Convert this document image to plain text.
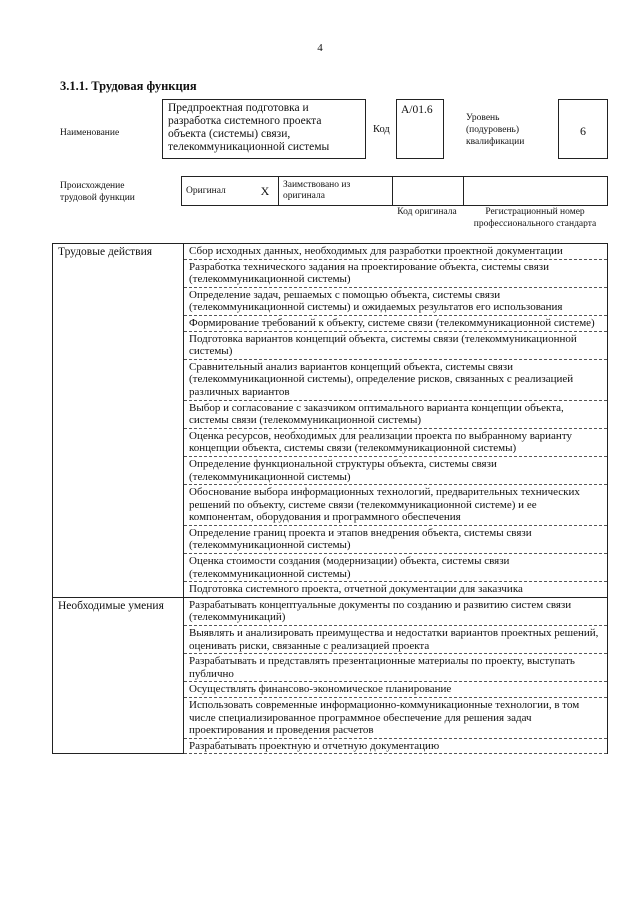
4
3.1.1. Трудовая функция
Наименование
Предпроектная подготовка и разработка системного проекта объекта (системы) связи, телекоммуникационной системы
Код
A/01.6
Уровень (подуровень) квалификации
6
Происхождение трудовой функции
Оригинал	X	Заимствовано из оригинала		
Код оригинала	Регистрационный номер профессионального стандарта
Трудовые действия	Сбор исходных данных, необходимых для разработки проектной документации
	Разработка технического задания на проектирование объекта, системы связи (телекоммуникационной системы)
	Определение задач, решаемых с помощью объекта, системы связи (телекоммуникационной системы) и ожидаемых результатов его использования
	Формирование требований к объекту, системе связи (телекоммуникационной системе)
	Подготовка вариантов концепций объекта, системы связи (телекоммуникационной системы)
	Сравнительный анализ вариантов концепций объекта, системы связи (телекоммуникационной системы), определение рисков, связанных с реализацией различных вариантов
	Выбор и согласование с заказчиком оптимального варианта концепции объекта, системы связи (телекоммуникационной системы)
	Оценка ресурсов, необходимых для реализации проекта по выбранному варианту концепции объекта, системы связи (телекоммуникационной системы)
	Определение функциональной структуры объекта, системы связи (телекоммуникационной системы)
	Обоснование выбора информационных технологий, предварительных технических решений по объекту, системе связи (телекоммуникационной системе) и ее компонентам, оборудования и программного обеспечения
	Определение границ проекта и этапов внедрения объекта, системы связи (телекоммуникационной системы)
	Оценка стоимости создания (модернизации) объекта, системы связи (телекоммуникационной системы)
	Подготовка системного проекта, отчетной документации для заказчика
Необходимые умения	Разрабатывать концептуальные документы по созданию и развитию систем связи (телекоммуникаций)
	Выявлять и анализировать преимущества и недостатки вариантов проектных решений, оценивать риски, связанные с реализацией проекта
	Разрабатывать и представлять презентационные материалы по проекту, выступать публично
	Осуществлять финансово-экономическое планирование
	Использовать современные информационно-коммуникационные технологии, в том числе специализированное программное обеспечение для решения задач проектирования и проведения расчетов
	Разрабатывать проектную и отчетную документацию
